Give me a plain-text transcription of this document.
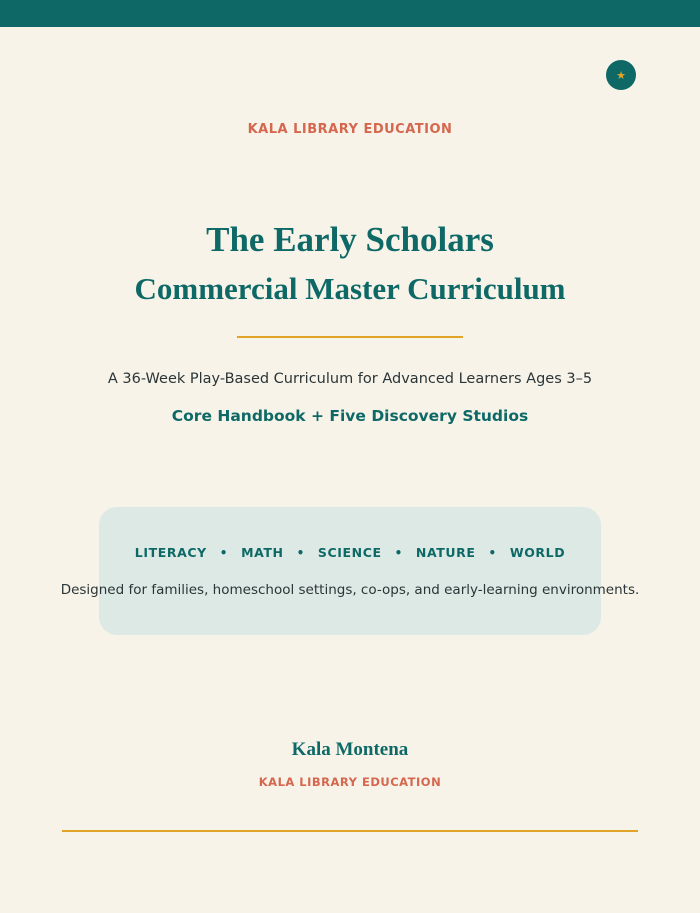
★
KALA LIBRARY EDUCATION
The Early Scholars
Commercial Master Curriculum
A 36-Week Play-Based Curriculum for Advanced Learners Ages 3–5
Core Handbook + Five Discovery Studios
LITERACY • MATH • SCIENCE • NATURE • WORLD
Designed for families, homeschool settings, co-ops, and early-learning environments.
Kala Montena
KALA LIBRARY EDUCATION
